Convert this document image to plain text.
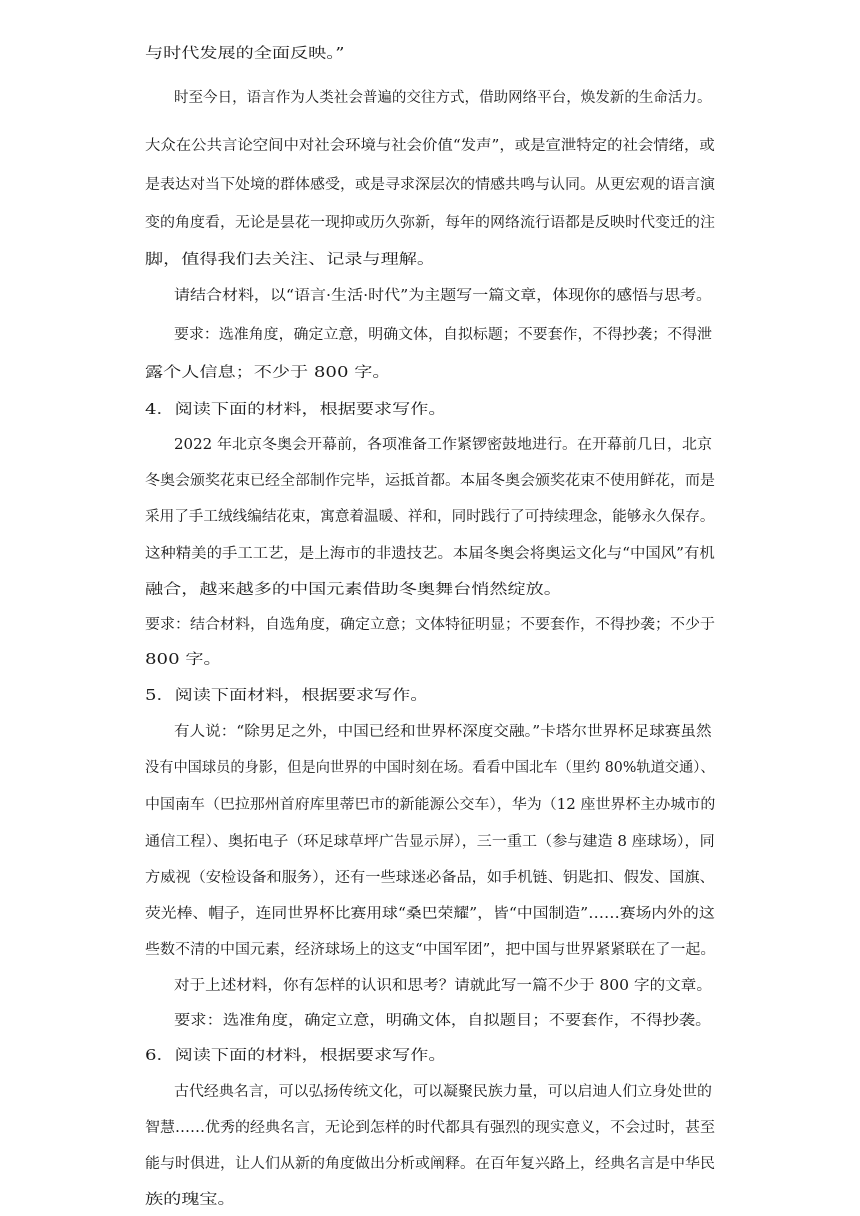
与时代发展的全面反映。”
时至今日，语言作为人类社会普遍的交往方式，借助网络平台，焕发新的生命活力。
大众在公共言论空间中对社会环境与社会价值“发声”，或是宣泄特定的社会情绪，或
是表达对当下处境的群体感受，或是寻求深层次的情感共鸣与认同。从更宏观的语言演
变的角度看，无论是昙花一现抑或历久弥新，每年的网络流行语都是反映时代变迁的注
脚，值得我们去关注、记录与理解。
请结合材料，以“语言·生活·时代”为主题写一篇文章，体现你的感悟与思考。
要求：选准角度，确定立意，明确文体，自拟标题；不要套作，不得抄袭；不得泄
露个人信息；不少于 800 字。
4．阅读下面的材料，根据要求写作。
2022 年北京冬奥会开幕前，各项准备工作紧锣密鼓地进行。在开幕前几日，北京
冬奥会颁奖花束已经全部制作完毕，运抵首都。本届冬奥会颁奖花束不使用鲜花，而是
采用了手工绒线编结花束，寓意着温暖、祥和，同时践行了可持续理念，能够永久保存。
这种精美的手工工艺，是上海市的非遗技艺。本届冬奥会将奥运文化与“中国风”有机
融合，越来越多的中国元素借助冬奥舞台悄然绽放。
要求：结合材料，自选角度，确定立意；文体特征明显；不要套作，不得抄袭；不少于
800 字。
5．阅读下面材料，根据要求写作。
有人说：“除男足之外，中国已经和世界杯深度交融。”卡塔尔世界杯足球赛虽然
没有中国球员的身影，但是向世界的中国时刻在场。看看中国北车（里约 80%轨道交通）、
中国南车（巴拉那州首府库里蒂巴市的新能源公交车），华为（12 座世界杯主办城市的
通信工程）、奥拓电子（环足球草坪广告显示屏），三一重工（参与建造 8 座球场），同
方威视（安检设备和服务），还有一些球迷必备品，如手机链、钥匙扣、假发、国旗、
荧光棒、帽子，连同世界杯比赛用球“桑巴荣耀”，皆“中国制造”……赛场内外的这
些数不清的中国元素，经济球场上的这支“中国军团”，把中国与世界紧紧联在了一起。
对于上述材料，你有怎样的认识和思考？请就此写一篇不少于 800 字的文章。
要求：选准角度，确定立意，明确文体，自拟题目；不要套作，不得抄袭。
6．阅读下面的材料，根据要求写作。
古代经典名言，可以弘扬传统文化，可以凝聚民族力量，可以启迪人们立身处世的
智慧……优秀的经典名言，无论到怎样的时代都具有强烈的现实意义，不会过时，甚至
能与时俱进，让人们从新的角度做出分析或阐释。在百年复兴路上，经典名言是中华民
族的瑰宝。
